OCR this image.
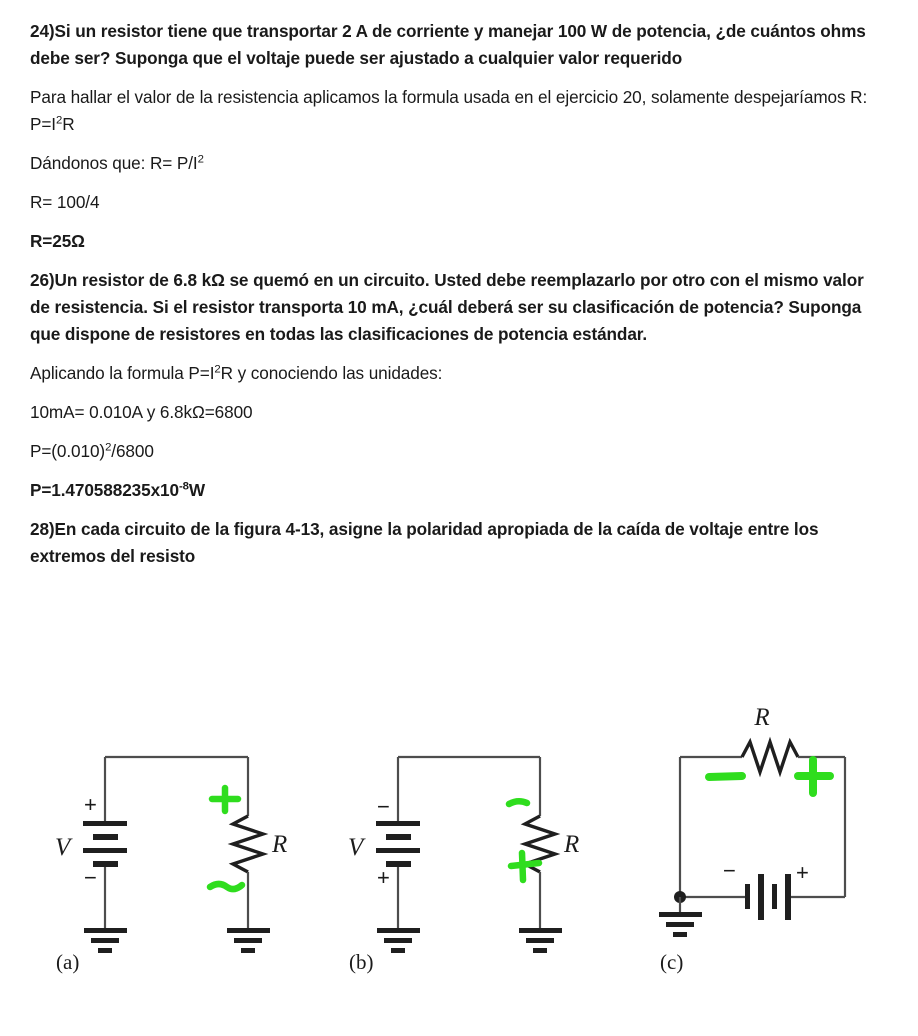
24)Si un resistor tiene que transportar 2 A de corriente y manejar 100 W de potencia, ¿de cuántos ohms debe ser? Suponga que el voltaje puede ser ajustado a cualquier valor requerido

Para hallar el valor de la resistencia aplicamos la formula usada en el ejercicio 20, solamente despejaríamos R: $P=I^2R$

Dándonos que: $R= P/I^2$

R= 100/4

R=25Ω

26)Un resistor de 6.8 kΩ se quemó en un circuito. Usted debe reemplazarlo por otro con el mismo valor de resistencia. Si el resistor transporta 10 mA, ¿cuál deberá ser su clasificación de potencia? Suponga que dispone de resistores en todas las clasificaciones de potencia estándar.

Aplicando la formula $P=I^2R$ y conociendo las unidades:

10mA= 0.010A y 6.8kΩ=6800

$P=(0.010)^2/6800$

$P=1.470588235x10^{-8}W$

28)En cada circuito de la figura 4-13, asigne la polaridad apropiada de la caída de voltaje entre los extremos del resisto

+
−
V	R
−
+
V	R
−	+
R
(a)	(b)	(c)
